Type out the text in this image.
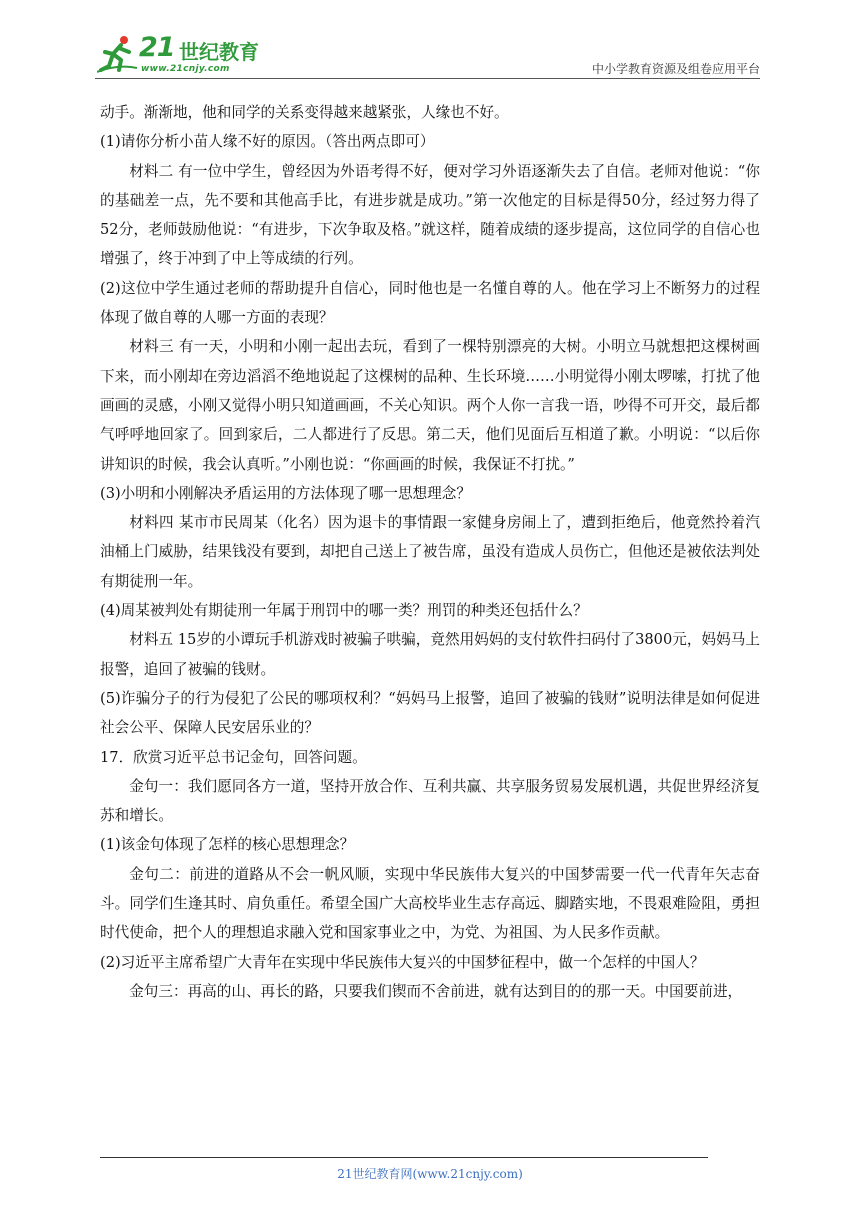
21 世纪教育
www.21cnjy.com	中小学教育资源及组卷应用平台

动手。渐渐地，他和同学的关系变得越来越紧张，人缘也不好。

(1)请你分析小苗人缘不好的原因。（答出两点即可）

材料二 有一位中学生，曾经因为外语考得不好，便对学习外语逐渐失去了自信。老师对他说：“你的基础差一点，先不要和其他高手比，有进步就是成功。”第一次他定的目标是得50分，经过努力得了52分，老师鼓励他说：“有进步，下次争取及格。”就这样，随着成绩的逐步提高，这位同学的自信心也增强了，终于冲到了中上等成绩的行列。

(2)这位中学生通过老师的帮助提升自信心，同时他也是一名懂自尊的人。他在学习上不断努力的过程体现了做自尊的人哪一方面的表现？

材料三 有一天，小明和小刚一起出去玩，看到了一棵特别漂亮的大树。小明立马就想把这棵树画下来，而小刚却在旁边滔滔不绝地说起了这棵树的品种、生长环境……小明觉得小刚太啰嗦，打扰了他画画的灵感，小刚又觉得小明只知道画画，不关心知识。两个人你一言我一语，吵得不可开交，最后都气呼呼地回家了。回到家后，二人都进行了反思。第二天，他们见面后互相道了歉。小明说：“以后你讲知识的时候，我会认真听。”小刚也说：“你画画的时候，我保证不打扰。”

(3)小明和小刚解决矛盾运用的方法体现了哪一思想理念？

材料四 某市市民周某（化名）因为退卡的事情跟一家健身房闹上了，遭到拒绝后，他竟然拎着汽油桶上门威胁，结果钱没有要到，却把自己送上了被告席，虽没有造成人员伤亡，但他还是被依法判处有期徒刑一年。

(4)周某被判处有期徒刑一年属于刑罚中的哪一类？刑罚的种类还包括什么？

材料五 15岁的小谭玩手机游戏时被骗子哄骗，竟然用妈妈的支付软件扫码付了3800元，妈妈马上报警，追回了被骗的钱财。

(5)诈骗分子的行为侵犯了公民的哪项权利？“妈妈马上报警，追回了被骗的钱财”说明法律是如何促进社会公平、保障人民安居乐业的？

17．欣赏习近平总书记金句，回答问题。

金句一：我们愿同各方一道，坚持开放合作、互利共赢、共享服务贸易发展机遇，共促世界经济复苏和增长。

(1)该金句体现了怎样的核心思想理念？

金句二：前进的道路从不会一帆风顺，实现中华民族伟大复兴的中国梦需要一代一代青年矢志奋斗。同学们生逢其时、肩负重任。希望全国广大高校毕业生志存高远、脚踏实地，不畏艰难险阻，勇担时代使命，把个人的理想追求融入党和国家事业之中，为党、为祖国、为人民多作贡献。

(2)习近平主席希望广大青年在实现中华民族伟大复兴的中国梦征程中，做一个怎样的中国人？

金句三：再高的山、再长的路，只要我们锲而不舍前进，就有达到目的的那一天。中国要前进，

21世纪教育网(www.21cnjy.com)
